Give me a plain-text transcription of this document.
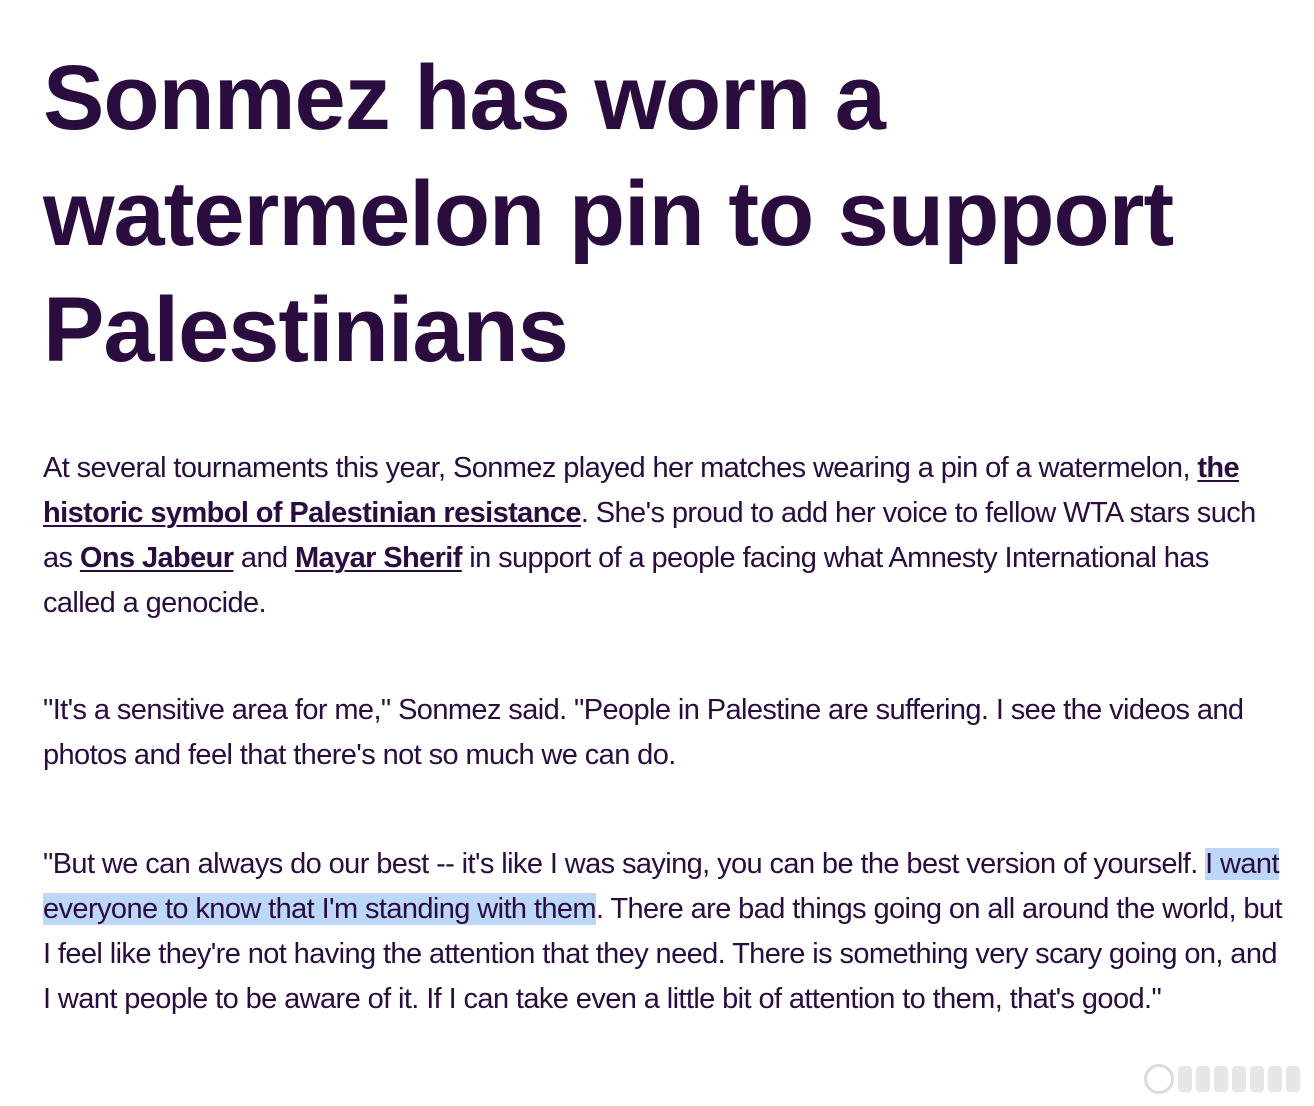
Sonmez has worn a watermelon pin to support Palestinians

At several tournaments this year, Sonmez played her matches wearing a pin of a watermelon, the historic symbol of Palestinian resistance. She's proud to add her voice to fellow WTA stars such as Ons Jabeur and Mayar Sherif in support of a people facing what Amnesty International has called a genocide.

"It's a sensitive area for me," Sonmez said. "People in Palestine are suffering. I see the videos and photos and feel that there's not so much we can do.

"But we can always do our best -- it's like I was saying, you can be the best version of yourself. I want everyone to know that I'm standing with them. There are bad things going on all around the world, but I feel like they're not having the attention that they need. There is something very scary going on, and I want people to be aware of it. If I can take even a little bit of attention to them, that's good."
